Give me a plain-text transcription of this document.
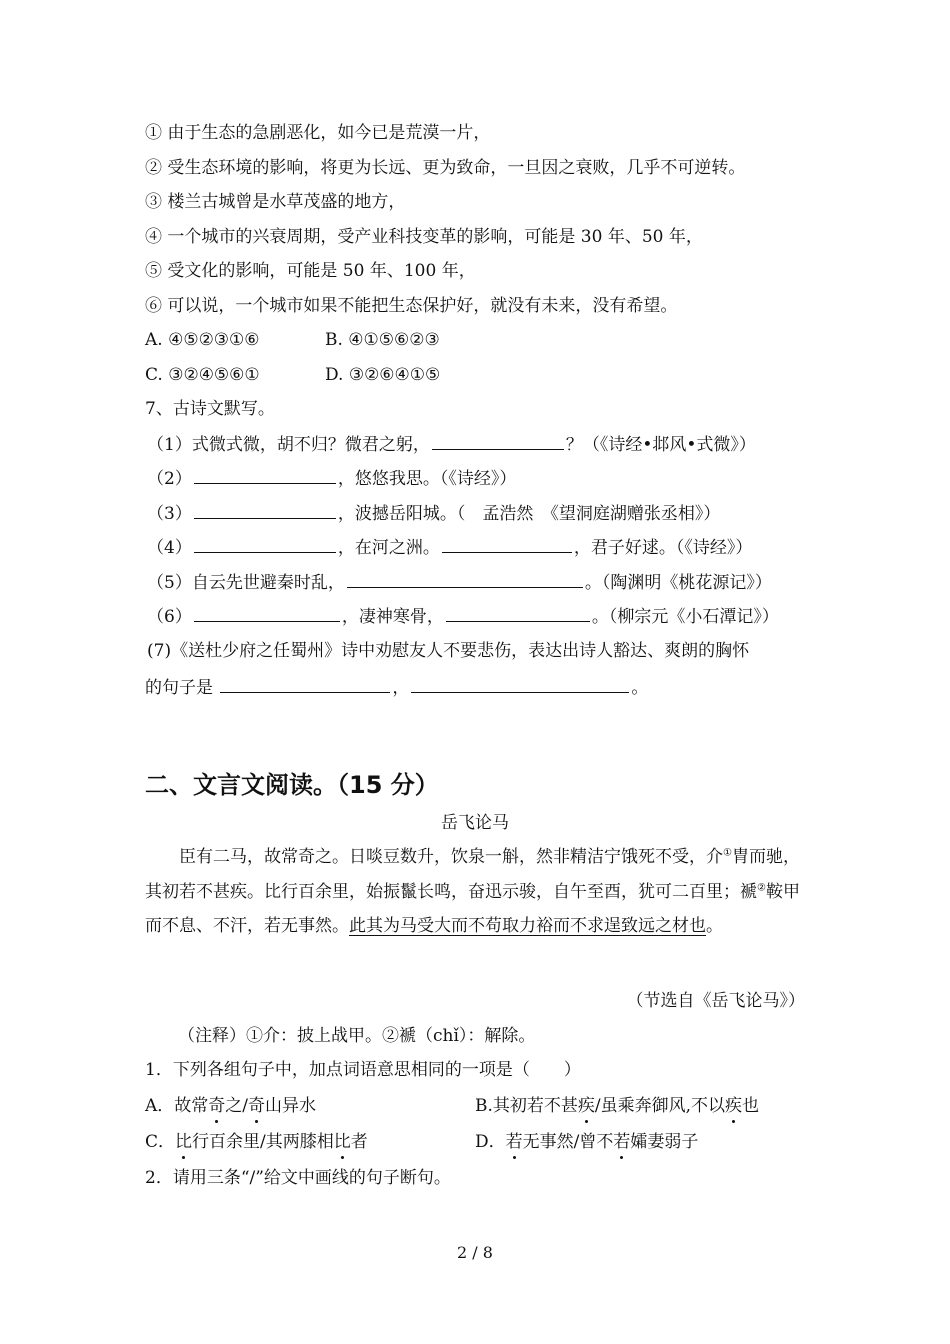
① 由于生态的急剧恶化，如今已是荒漠一片，
② 受生态环境的影响，将更为长远、更为致命，一旦因之衰败，几乎不可逆转。
③ 楼兰古城曾是水草茂盛的地方，
④ 一个城市的兴衰周期，受产业科技变革的影响，可能是 30 年、50 年，
⑤ 受文化的影响，可能是 50 年、100 年，
⑥ 可以说，一个城市如果不能把生态保护好，就没有未来，没有希望。
A. ④⑤②③①⑥	B. ④①⑤⑥②③
C. ③②④⑤⑥①	D. ③②⑥④①⑤
7、古诗文默写。
（1）式微式微，胡不归？微君之躬，	？（《诗经•邶风•式微》）
（2）	，悠悠我思。（《诗经》）
（3）	，波撼岳阳城。（　孟浩然　《望洞庭湖赠张丞相》）
（4）	，在河之洲。	，君子好逑。（《诗经》）
（5）自云先世避秦时乱，	。（陶渊明《桃花源记》）
（6）	，凄神寒骨，	。（柳宗元《小石潭记》）
(7)《送杜少府之任蜀州》诗中劝慰友人不要悲伤，表达出诗人豁达、爽朗的胸怀
的句子是	，	。
二、文言文阅读。（15 分）
岳飞论马

臣有二马，故常奇之。日啖豆数升，饮泉一斛，然非精洁宁饿死不受，介①胄而驰，其初若不甚疾。比行百余里，始振鬣长鸣，奋迅示骏，自午至酉，犹可二百里；褫②鞍甲而不息、不汗，若无事然。此其为马受大而不苟取力裕而不求逞致远之材也。

（节选自《岳飞论马》）
（注释）①介：披上战甲。②褫（chǐ）：解除。
1．下列各组句子中，加点词语意思相同的一项是（　　）
A．故常奇之/奇山异水	B.其初若不甚疾/虽乘奔御风,不以疾也
C．比行百余里/其两膝相比者	D．若无事然/曾不若孀妻弱子
2．请用三条“/”给文中画线的句子断句。
2 / 8
